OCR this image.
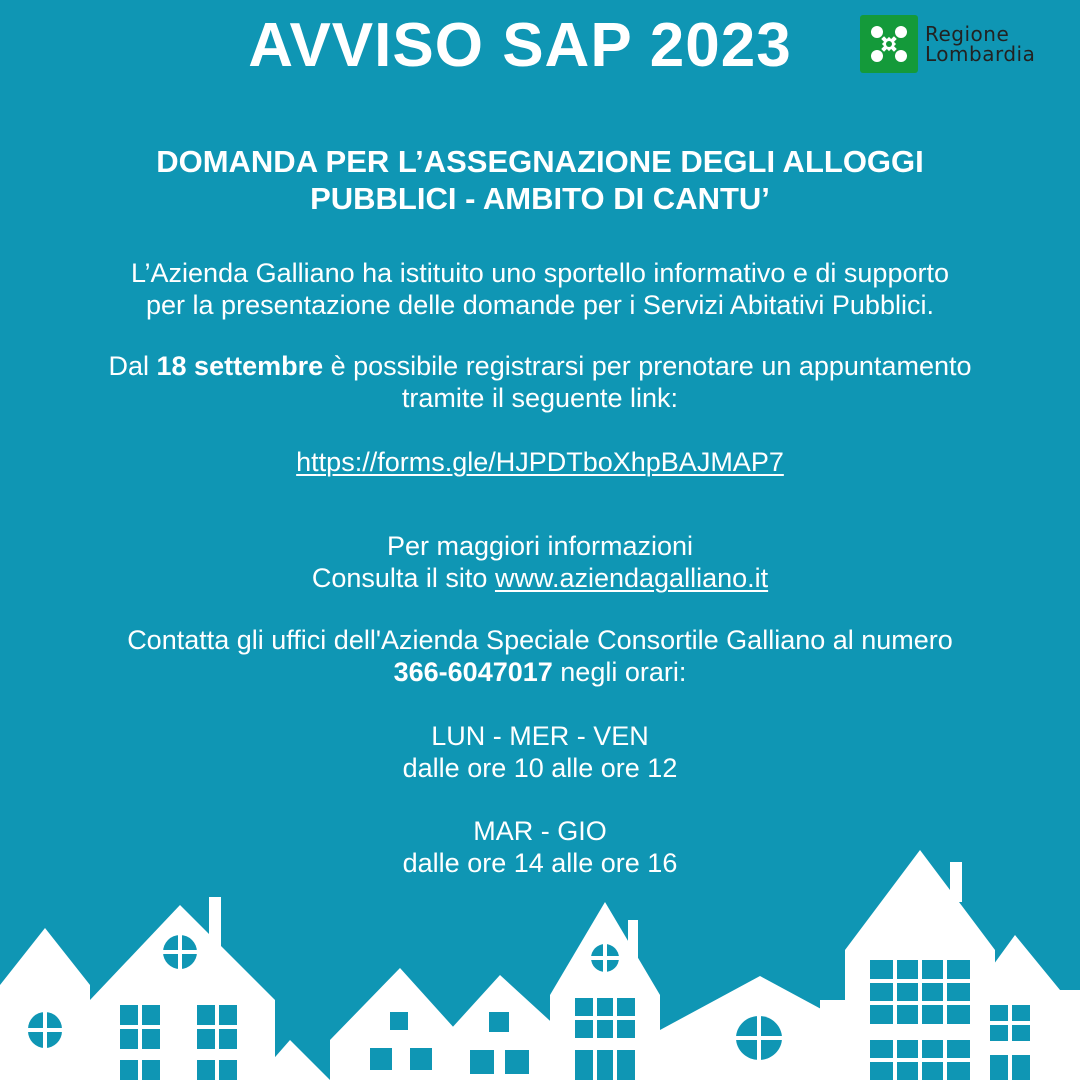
AVVISO SAP 2023	Regione
Lombardia
DOMANDA PER L’ASSEGNAZIONE DEGLI ALLOGGI
PUBBLICI - AMBITO DI CANTU’
L’Azienda Galliano ha istituito uno sportello informativo e di supporto
per la presentazione delle domande per i Servizi Abitativi Pubblici.
Dal 18 settembre è possibile registrarsi per prenotare un appuntamento
tramite il seguente link:
https://forms.gle/HJPDTboXhpBAJMAP7
Per maggiori informazioni
Consulta il sito www.aziendagalliano.it
Contatta gli uffici dell'Azienda Speciale Consortile Galliano al numero
366-6047017 negli orari:
LUN - MER - VEN
dalle ore 10 alle ore 12
MAR - GIO
dalle ore 14 alle ore 16
